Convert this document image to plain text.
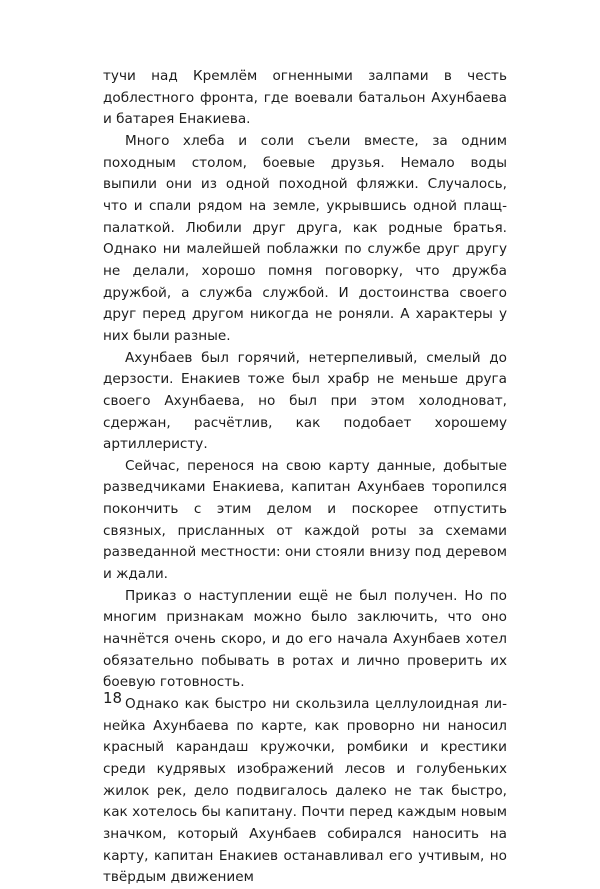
тучи над Кремлём огненными залпами в честь доблестного фронта, где воевали батальон Ахунбаева и батарея Енакиева.

Много хлеба и соли съели вместе, за одним походным столом, боевые друзья. Немало воды выпили они из одной походной фляжки. Случалось, что и спали рядом на земле, укрывшись одной плащ-палаткой. Любили друг друга, как родные братья. Однако ни малейшей поблажки по службе друг другу не делали, хорошо помня поговорку, что дружба дружбой, а служба службой. И достоинства своего друг перед другом никогда не роняли. А характеры у них были разные.

Ахунбаев был горячий, нетерпеливый, смелый до дерзости. Енакиев тоже был храбр не меньше друга своего Ахунбаева, но был при этом холодноват, сдержан, расчётлив, как подобает хорошему артиллеристу.

Сейчас, перенося на свою карту данные, добытые разведчиками Енакиева, капитан Ахунбаев торопился покончить с этим делом и поскорее отпустить связных, присланных от каждой роты за схемами разведанной местности: они стояли внизу под деревом и ждали.

Приказ о наступлении ещё не был получен. Но по многим признакам можно было заключить, что оно начнётся очень скоро, и до его начала Ахунбаев хотел обязательно побывать в ротах и лично проверить их боевую готовность.

Однако как быстро ни скользила целлулоидная линейка Ахунбаева по карте, как проворно ни наносил красный карандаш кружочки, ромбики и крестики среди кудрявых изображений лесов и голубеньких жилок рек, дело подвигалось далеко не так быстро, как хотелось бы капитану. Почти перед каждым новым значком, который Ахунбаев собирался наносить на карту, капитан Енакиев останавливал его учтивым, но твёрдым движением

18
